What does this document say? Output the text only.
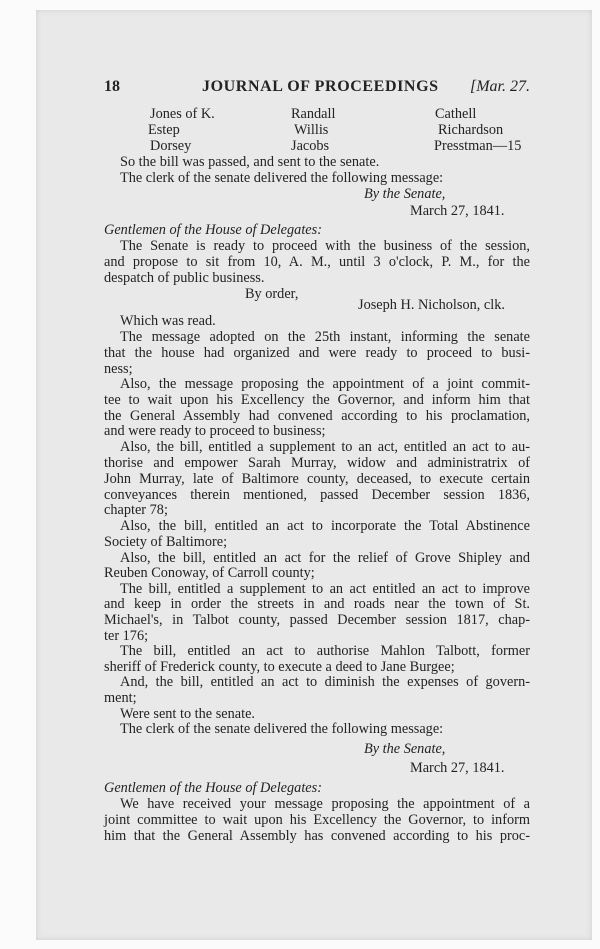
18	JOURNAL OF PROCEEDINGS [Mar. 27.
Jones of K.	Randall	Cathell
Estep	Willis	Richardson
Dorsey	Jacobs	Presstman—15
So the bill was passed, and sent to the senate.
The clerk of the senate delivered the following message:
By the Senate,
March 27, 1841.
Gentlemen of the House of Delegates:
The Senate is ready to proceed with the business of the session,
and propose to sit from 10, A. M., until 3 o'clock, P. M., for the
despatch of public business.
By order,
Joseph H. Nicholson, clk.
Which was read.
The message adopted on the 25th instant, informing the senate
that the house had organized and were ready to proceed to busi-
ness;
Also, the message proposing the appointment of a joint commit-
tee to wait upon his Excellency the Governor, and inform him that
the General Assembly had convened according to his proclamation,
and were ready to proceed to business;
Also, the bill, entitled a supplement to an act, entitled an act to au-
thorise and empower Sarah Murray, widow and administratrix of
John Murray, late of Baltimore county, deceased, to execute certain
conveyances therein mentioned, passed December session 1836,
chapter 78;
Also, the bill, entitled an act to incorporate the Total Abstinence
Society of Baltimore;
Also, the bill, entitled an act for the relief of Grove Shipley and
Reuben Conoway, of Carroll county;
The bill, entitled a supplement to an act entitled an act to improve
and keep in order the streets in and roads near the town of St.
Michael's, in Talbot county, passed December session 1817, chap-
ter 176;
The bill, entitled an act to authorise Mahlon Talbott, former
sheriff of Frederick county, to execute a deed to Jane Burgee;
And, the bill, entitled an act to diminish the expenses of govern-
ment;
Were sent to the senate.
The clerk of the senate delivered the following message:
By the Senate,
March 27, 1841.
Gentlemen of the House of Delegates:
We have received your message proposing the appointment of a
joint committee to wait upon his Excellency the Governor, to inform
him that the General Assembly has convened according to his proc-
